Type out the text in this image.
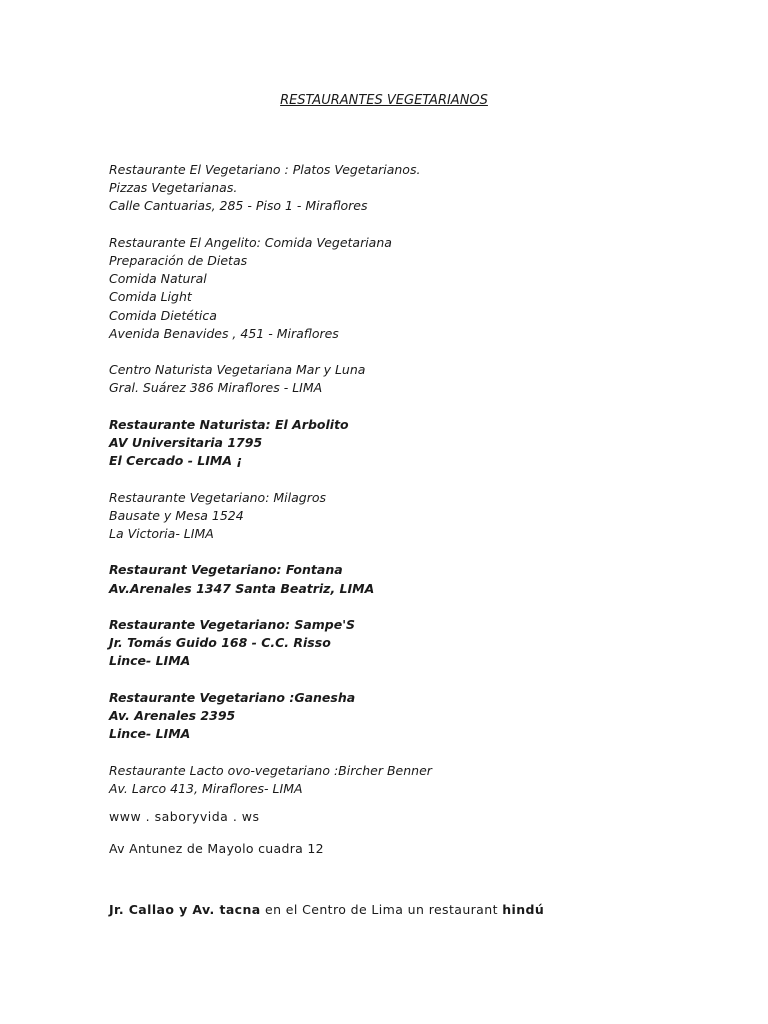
RESTAURANTES VEGETARIANOS
Restaurante El Vegetariano : Platos Vegetarianos.
Pizzas Vegetarianas.
Calle Cantuarias, 285 - Piso 1 - Miraflores
Restaurante El Angelito: Comida Vegetariana
Preparación de Dietas
Comida Natural
Comida Light
Comida Dietética
Avenida Benavides , 451 - Miraflores
Centro Naturista Vegetariana Mar y Luna
Gral. Suárez 386 Miraflores - LIMA
Restaurante Naturista: El Arbolito
AV Universitaria 1795
El Cercado - LIMA ¡
Restaurante Vegetariano: Milagros
Bausate y Mesa 1524
La Victoria- LIMA
Restaurant Vegetariano: Fontana
Av.Arenales 1347 Santa Beatriz, LIMA
Restaurante Vegetariano: Sampe'S
Jr. Tomás Guido 168 - C.C. Risso
Lince- LIMA
Restaurante Vegetariano :Ganesha
Av. Arenales 2395
Lince- LIMA
Restaurante Lacto ovo-vegetariano :Bircher Benner
Av. Larco 413, Miraflores- LIMA
www . saboryvida . ws
Av Antunez de Mayolo cuadra 12
Jr. Callao y Av. tacna en el Centro de Lima un restaurant hindú
